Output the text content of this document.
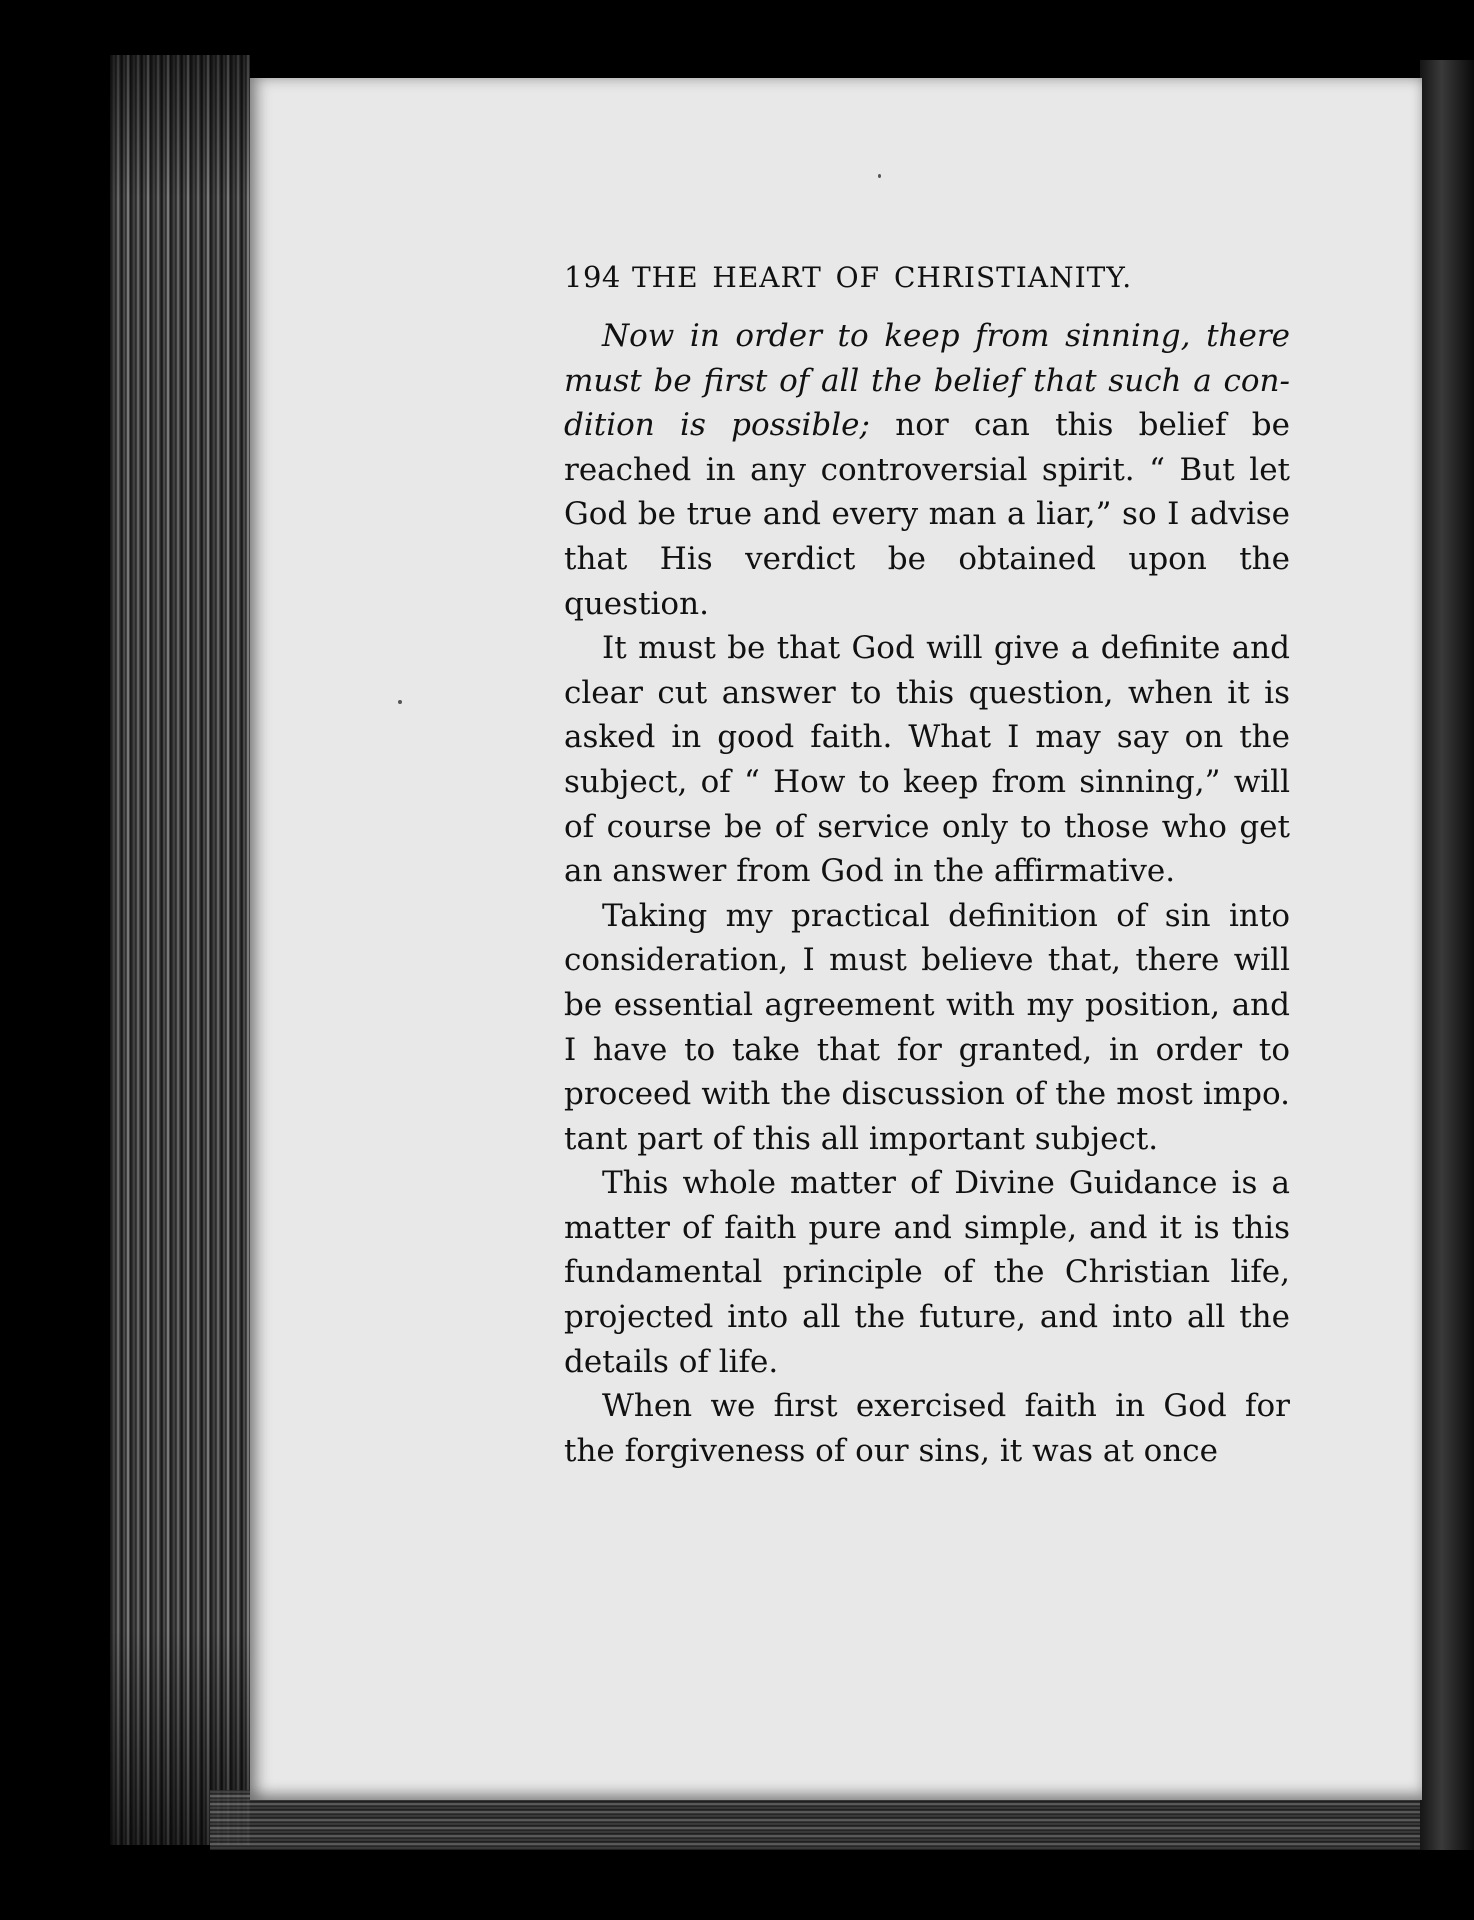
194 THE HEART OF CHRISTIANITY.

Now in order to keep from sinning, there must be first of all the belief that such a condition is possible; nor can this belief be reached in any controversial spirit. “ But let God be true and every man a liar,” so I advise that His verdict be obtained upon the question.

It must be that God will give a definite and clear cut answer to this question, when it is asked in good faith. What I may say on the subject, of “ How to keep from sinning,” will of course be of service only to those who get an answer from God in the affirmative.

Taking my practical definition of sin into consideration, I must believe that, there will be essential agreement with my position, and I have to take that for granted, in order to proceed with the discussion of the most impo. tant part of this all important subject.

This whole matter of Divine Guidance is a matter of faith pure and simple, and it is this fundamental principle of the Christian life, projected into all the future, and into all the details of life.

When we first exercised faith in God for the forgiveness of our sins, it was at once
